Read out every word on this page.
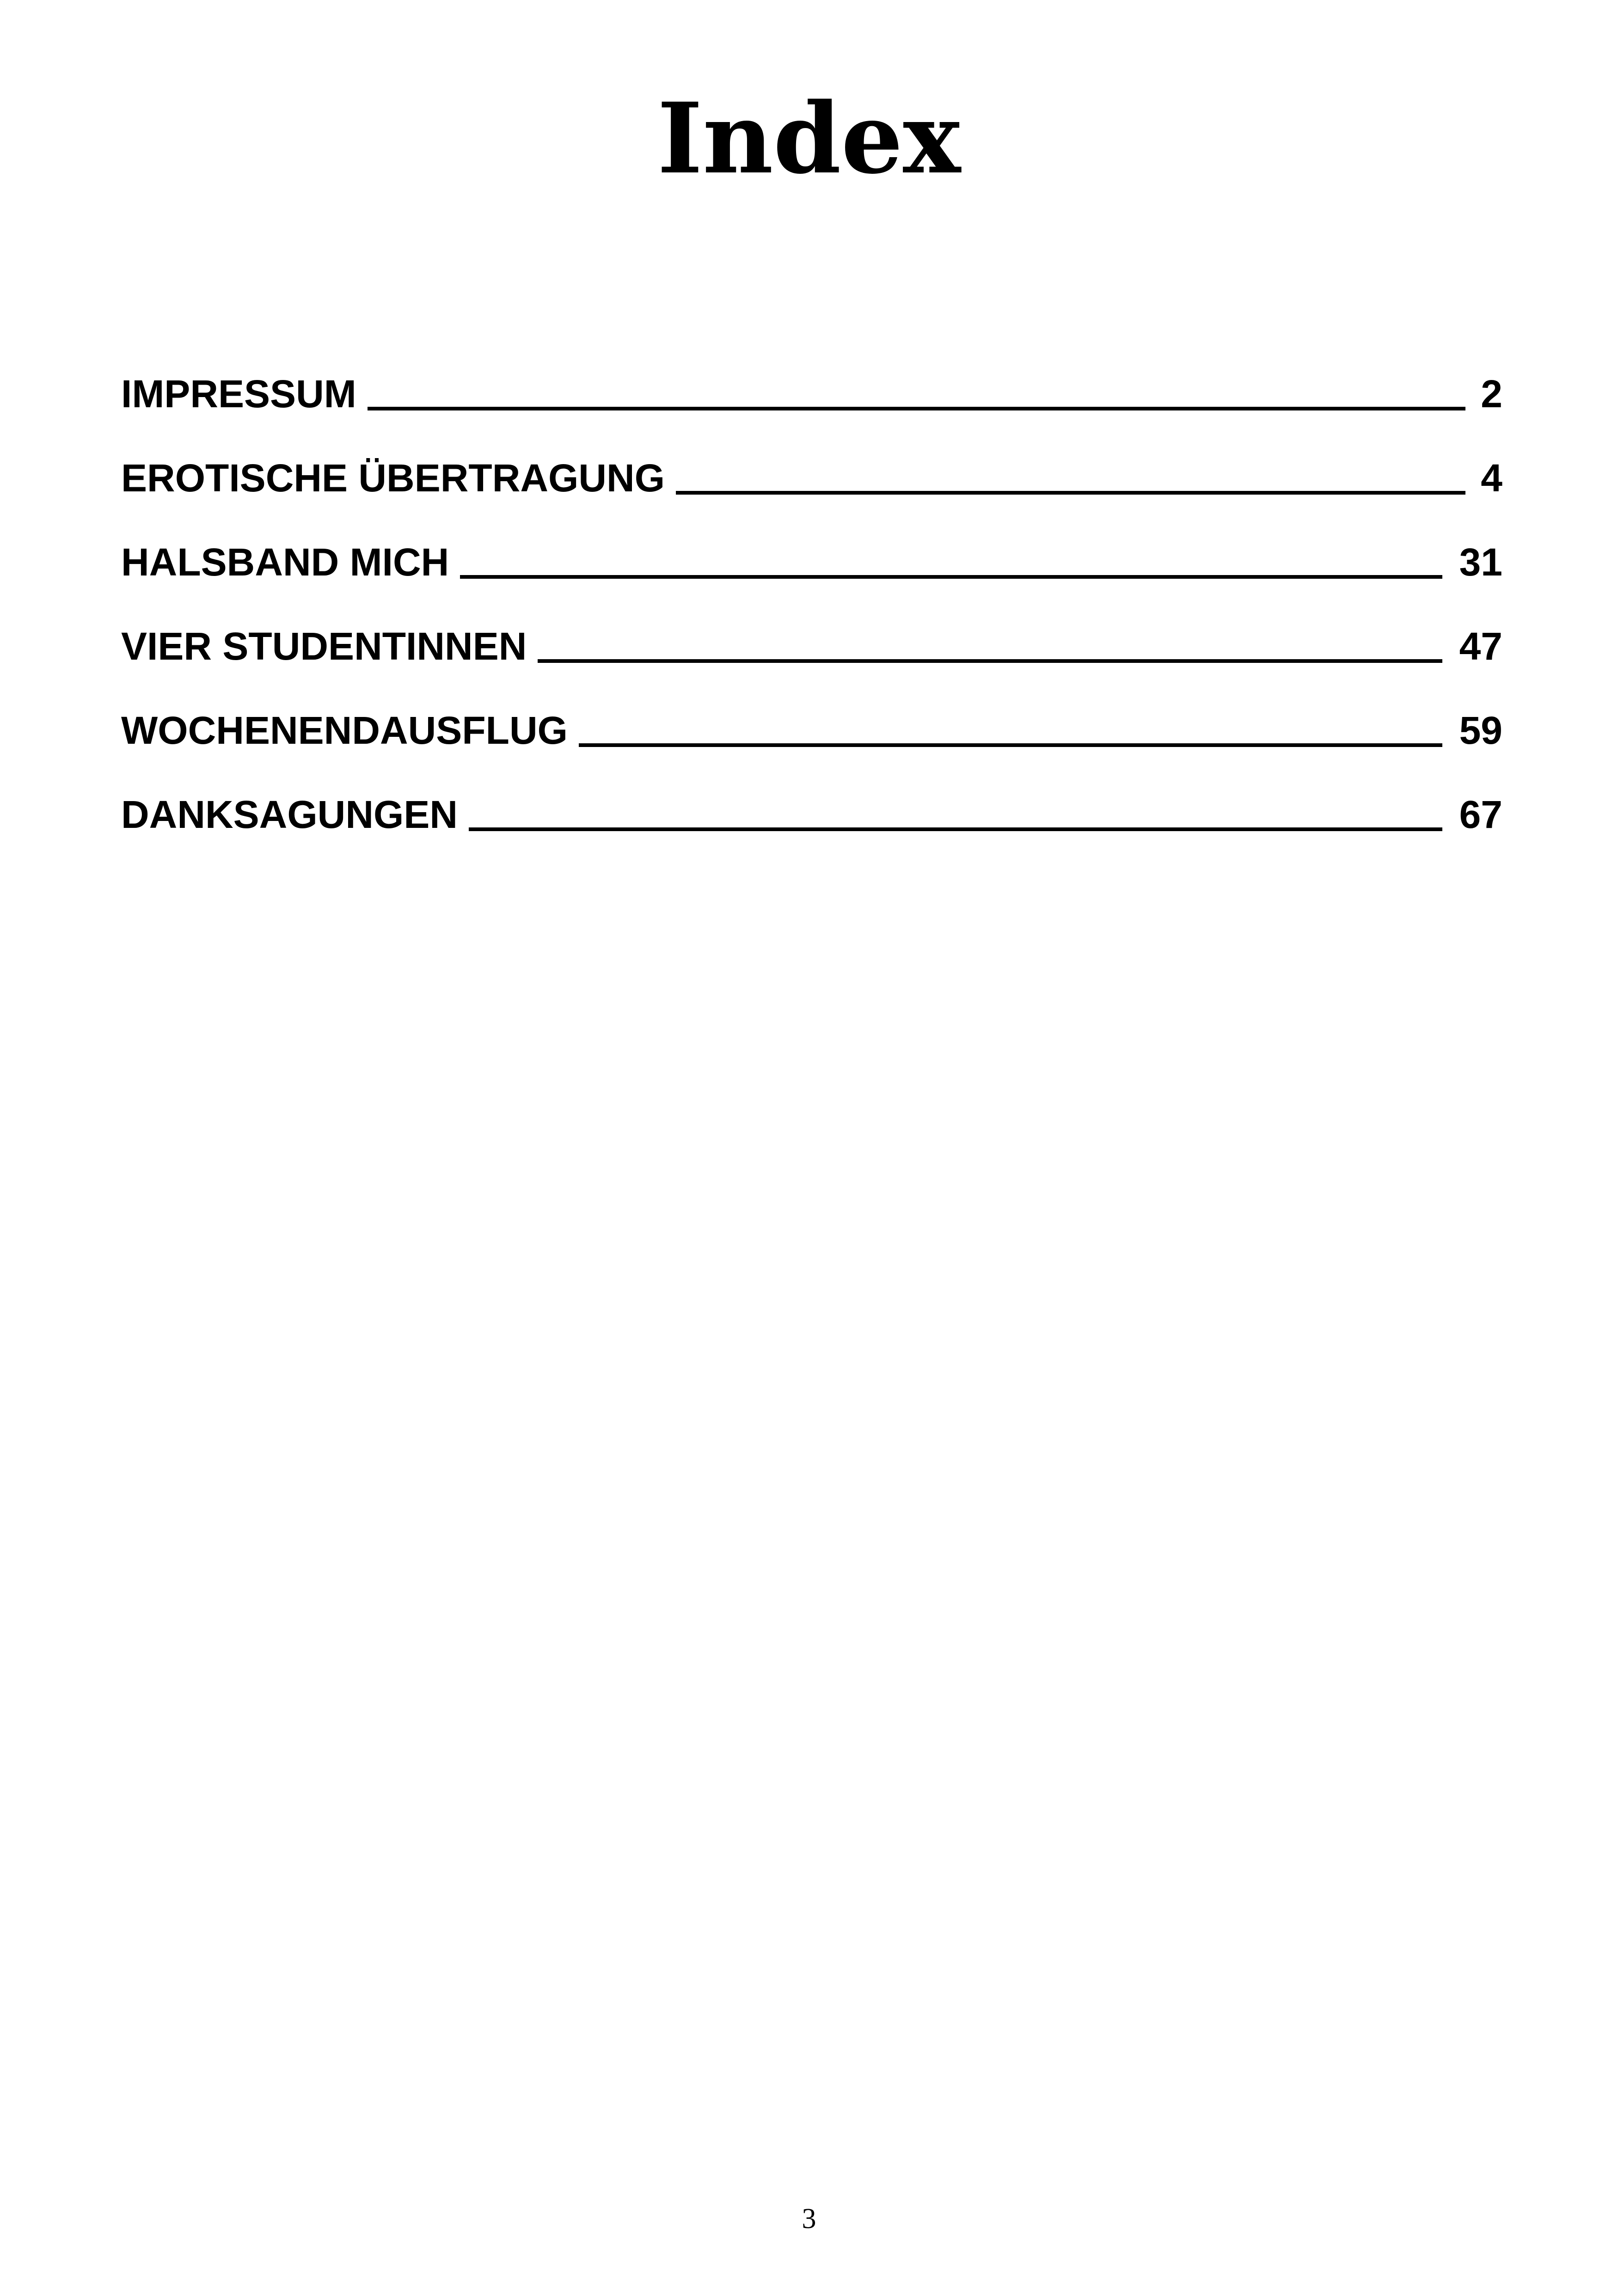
Index
IMPRESSUM	2
EROTISCHE ÜBERTRAGUNG	4
HALSBAND MICH	31
VIER STUDENTINNEN	47
WOCHENENDAUSFLUG	59
DANKSAGUNGEN	67
3
